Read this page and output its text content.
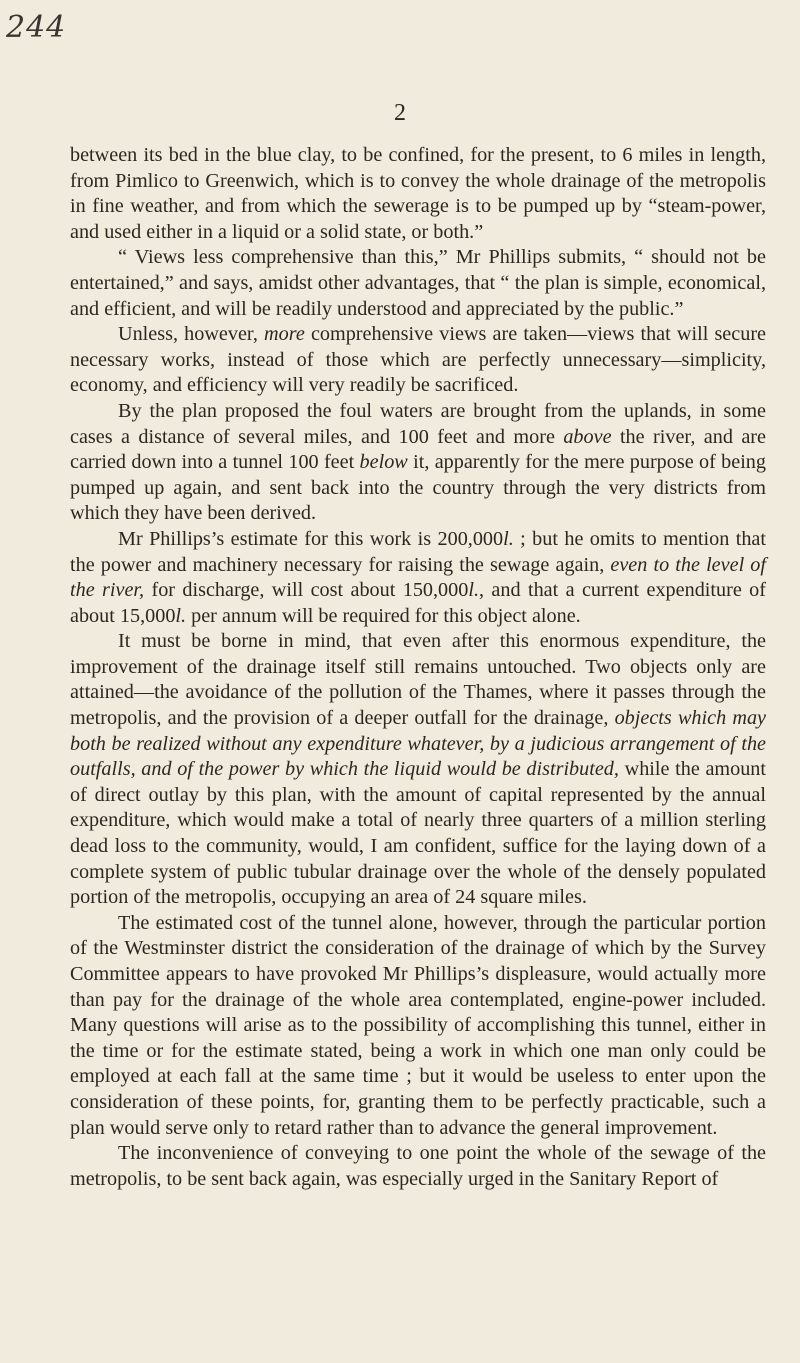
244
2

between its bed in the blue clay, to be confined, for the present, to 6 miles in length, from Pimlico to Greenwich, which is to convey the whole drainage of the metropolis in fine weather, and from which the sewerage is to be pumped up by “steam-power, and used either in a liquid or a solid state, or both.”

“ Views less comprehensive than this,” Mr Phillips submits, “ should not be entertained,” and says, amidst other advantages, that “ the plan is simple, economical, and efficient, and will be readily understood and appreciated by the public.”

Unless, however, more comprehensive views are taken—views that will secure necessary works, instead of those which are perfectly unnecessary—simplicity, economy, and efficiency will very readily be sacrificed.

By the plan proposed the foul waters are brought from the uplands, in some cases a distance of several miles, and 100 feet and more above the river, and are carried down into a tunnel 100 feet below it, apparently for the mere purpose of being pumped up again, and sent back into the country through the very districts from which they have been derived.

Mr Phillips’s estimate for this work is 200,000l. ; but he omits to mention that the power and machinery necessary for raising the sewage again, even to the level of the river, for discharge, will cost about 150,000l., and that a current expenditure of about 15,000l. per annum will be required for this object alone.

It must be borne in mind, that even after this enormous expenditure, the improvement of the drainage itself still remains untouched. Two objects only are attained—the avoidance of the pollution of the Thames, where it passes through the metropolis, and the provision of a deeper outfall for the drainage, objects which may both be realized without any expenditure whatever, by a judicious arrangement of the outfalls, and of the power by which the liquid would be distributed, while the amount of direct outlay by this plan, with the amount of capital represented by the annual expenditure, which would make a total of nearly three quarters of a million sterling dead loss to the community, would, I am confident, suffice for the laying down of a complete system of public tubular drainage over the whole of the densely populated portion of the metropolis, occupying an area of 24 square miles.

The estimated cost of the tunnel alone, however, through the particular portion of the Westminster district the consideration of the drainage of which by the Survey Committee appears to have provoked Mr Phillips’s displeasure, would actually more than pay for the drainage of the whole area contemplated, engine-power included. Many questions will arise as to the possibility of accomplishing this tunnel, either in the time or for the estimate stated, being a work in which one man only could be employed at each fall at the same time ; but it would be useless to enter upon the consideration of these points, for, granting them to be perfectly practicable, such a plan would serve only to retard rather than to advance the general improvement.

The inconvenience of conveying to one point the whole of the sewage of the metropolis, to be sent back again, was especially urged in the Sanitary Report of
